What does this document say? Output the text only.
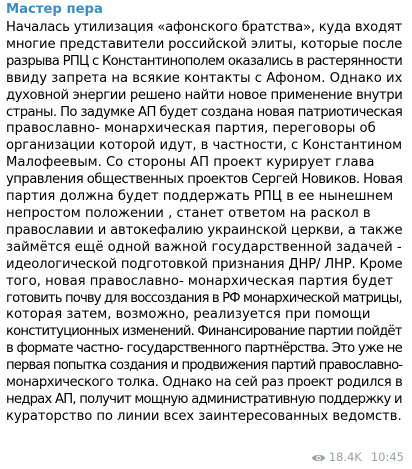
Мастер пера
Началась утилизация «афонского братства», куда входят
многие представители российской элиты, которые после
разрыва РПЦ с Константинополем оказались в растерянности
ввиду запрета на всякие контакты с Афоном. Однако их
духовной энергии решено найти новое применение внутри
страны. По задумке АП будет создана новая патриотическая
православно- монархическая партия, переговоры об
организации которой идут, в частности, с Константином
Малофеевым. Со стороны АП проект курирует глава
управления общественных проектов Сергей Новиков. Новая
партия должна будет поддержать РПЦ в ее нынешнем
непростом положении , станет ответом на раскол в
православии и автокефалию украинской церкви, а также
займётся ещё одной важной государственной задачей -
идеологической подготовкой признания ДНР/ ЛНР. Кроме
того, новая православно- монархическая партия будет
готовить почву для воссоздания в РФ монархической матрицы,
которая затем, возможно, реализуется при помощи
конституционных изменений. Финансирование партии пойдёт
в формате частно- государственного партнёрства. Это уже не
первая попытка создания и продвижения партий православно-
монархического толка. Однако на сей раз проект родился в
недрах АП, получит мощную административную поддержку и
кураторство по линии всех заинтересованных ведомств.
18.4K 10:45
